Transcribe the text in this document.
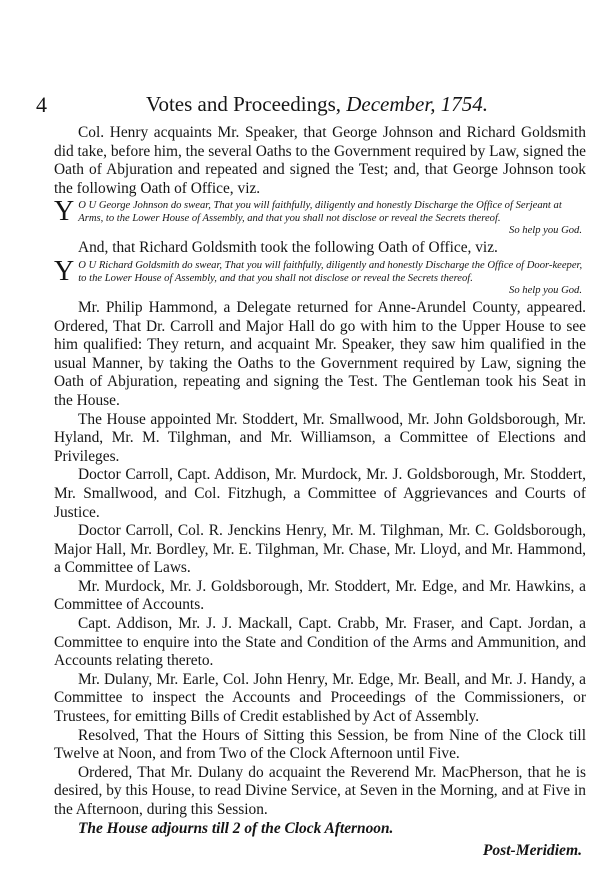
4	Votes and Proceedings, December, 1754.

Col. Henry acquaints Mr. Speaker, that George Johnson and Richard Goldsmith did take, before him, the several Oaths to the Government required by Law, signed the Oath of Abjuration and repeated and signed the Test; and, that George Johnson took the following Oath of Office, viz.

Y O U George Johnson do swear, That you will faithfully, diligently and honestly Discharge the Office of Serjeant at Arms, to the Lower House of Assembly, and that you shall not disclose or reveal the Secrets thereof.
So help you God.

And, that Richard Goldsmith took the following Oath of Office, viz.

Y O U Richard Goldsmith do swear, That you will faithfully, diligently and honestly Discharge the Office of Door-keeper, to the Lower House of Assembly, and that you shall not disclose or reveal the Secrets thereof.
So help you God.

Mr. Philip Hammond, a Delegate returned for Anne-Arundel County, appeared. Ordered, That Dr. Carroll and Major Hall do go with him to the Upper House to see him qualified: They return, and acquaint Mr. Speaker, they saw him qualified in the usual Manner, by taking the Oaths to the Government required by Law, signing the Oath of Abjuration, repeating and signing the Test. The Gentleman took his Seat in the House.

The House appointed Mr. Stoddert, Mr. Smallwood, Mr. John Goldsborough, Mr. Hyland, Mr. M. Tilghman, and Mr. Williamson, a Committee of Elections and Privileges.

Doctor Carroll, Capt. Addison, Mr. Murdock, Mr. J. Goldsborough, Mr. Stoddert, Mr. Smallwood, and Col. Fitzhugh, a Committee of Aggrievances and Courts of Justice.

Doctor Carroll, Col. R. Jenckins Henry, Mr. M. Tilghman, Mr. C. Goldsborough, Major Hall, Mr. Bordley, Mr. E. Tilghman, Mr. Chase, Mr. Lloyd, and Mr. Hammond, a Committee of Laws.

Mr. Murdock, Mr. J. Goldsborough, Mr. Stoddert, Mr. Edge, and Mr. Hawkins, a Committee of Accounts.

Capt. Addison, Mr. J. J. Mackall, Capt. Crabb, Mr. Fraser, and Capt. Jordan, a Committee to enquire into the State and Condition of the Arms and Ammunition, and Accounts relating thereto.

Mr. Dulany, Mr. Earle, Col. John Henry, Mr. Edge, Mr. Beall, and Mr. J. Handy, a Committee to inspect the Accounts and Proceedings of the Commissioners, or Trustees, for emitting Bills of Credit established by Act of Assembly.

Resolved, That the Hours of Sitting this Session, be from Nine of the Clock till Twelve at Noon, and from Two of the Clock Afternoon until Five.

Ordered, That Mr. Dulany do acquaint the Reverend Mr. MacPherson, that he is desired, by this House, to read Divine Service, at Seven in the Morning, and at Five in the Afternoon, during this Session.

The House adjourns till 2 of the Clock Afternoon.

Post-Meridiem.
